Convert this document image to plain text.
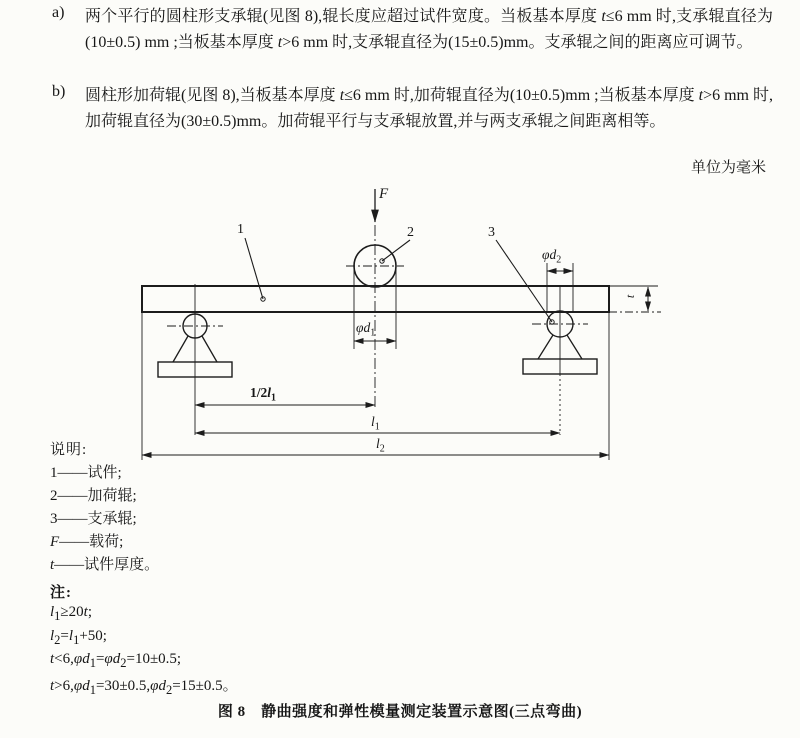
a) 两个平行的圆柱形支承辊(见图 8),辊长度应超过试件宽度。当板基本厚度 t≤6 mm 时,支承辊直径为(10±0.5) mm ;当板基本厚度 t>6 mm 时,支承辊直径为(15±0.5)mm。支承辊之间的距离应可调节。
b) 圆柱形加荷辊(见图 8),当板基本厚度 t≤6 mm 时,加荷辊直径为(10±0.5)mm ;当板基本厚度 t>6 mm 时,加荷辊直径为(30±0.5)mm。加荷辊平行与支承辊放置,并与两支承辊之间距离相等。
单位为毫米
F
1	2	3
$\varphi d_2$
t
$\varphi d_1$
$1/2l_1$
$l_1$
$l_2$
说明:
1——试件;
2——加荷辊;
3——支承辊;
F——载荷;
t——试件厚度。
注:
$l_1\ge 20t$;
$l_2=l_1+50$;
$t<6,\varphi d_1=\varphi d_2=10\pm 0.5$;
$t>6,\varphi d_1=30\pm 0.5,\varphi d_2=15\pm 0.5$。
图 8　静曲强度和弹性模量测定装置示意图(三点弯曲)
